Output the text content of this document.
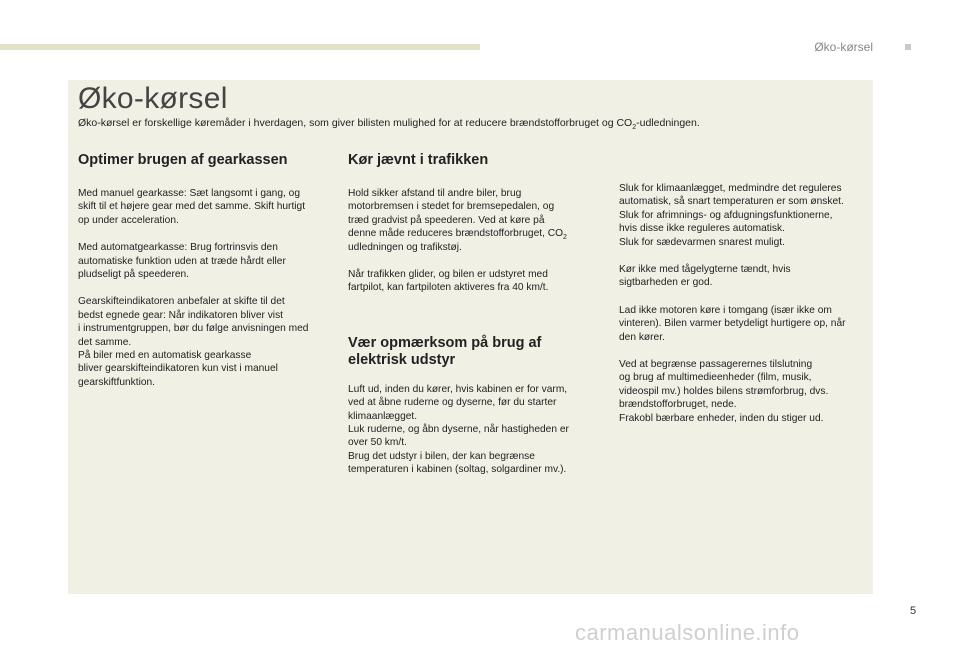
Øko-kørsel
Øko-kørsel
Øko-kørsel er forskellige køremåder i hverdagen, som giver bilisten mulighed for at reducere brændstofforbruget og $CO_2$-udledningen.
Optimer brugen af gearkassen

Med manuel gearkasse: Sæt langsomt i gang, og
skift til et højere gear med det samme. Skift hurtigt
op under acceleration.

Med automatgearkasse: Brug fortrinsvis den
automatiske funktion uden at træde hårdt eller
pludseligt på speederen.

Gearskifteindikatoren anbefaler at skifte til det
bedst egnede gear: Når indikatoren bliver vist
i instrumentgruppen, bør du følge anvisningen med
det samme.
På biler med en automatisk gearkasse
bliver gearskifteindikatoren kun vist i manuel
gearskiftfunktion.

Kør jævnt i trafikken

Hold sikker afstand til andre biler, brug
motorbremsen i stedet for bremsepedalen, og
træd gradvist på speederen. Ved at køre på
denne måde reduceres brændstofforbruget, $CO_2$
udledningen og trafikstøj.

Når trafikken glider, og bilen er udstyret med
fartpilot, kan fartpiloten aktiveres fra 40 km/t.

Vær opmærksom på brug af
elektrisk udstyr

Luft ud, inden du kører, hvis kabinen er for varm,
ved at åbne ruderne og dyserne, før du starter
klimaanlægget.
Luk ruderne, og åbn dyserne, når hastigheden er
over 50 km/t.
Brug det udstyr i bilen, der kan begrænse
temperaturen i kabinen (soltag, solgardiner mv.).

Sluk for klimaanlægget, medmindre det reguleres
automatisk, så snart temperaturen er som ønsket.
Sluk for afrimnings- og afdugningsfunktionerne,
hvis disse ikke reguleres automatisk.
Sluk for sædevarmen snarest muligt.

Kør ikke med tågelygterne tændt, hvis
sigtbarheden er god.

Lad ikke motoren køre i tomgang (især ikke om
vinteren). Bilen varmer betydeligt hurtigere op, når
den kører.

Ved at begrænse passagerernes tilslutning
og brug af multimedieenheder (film, musik,
videospil mv.) holdes bilens strømforbrug, dvs.
brændstofforbruget, nede.
Frakobl bærbare enheder, inden du stiger ud.

5
carmanualsonline.info
